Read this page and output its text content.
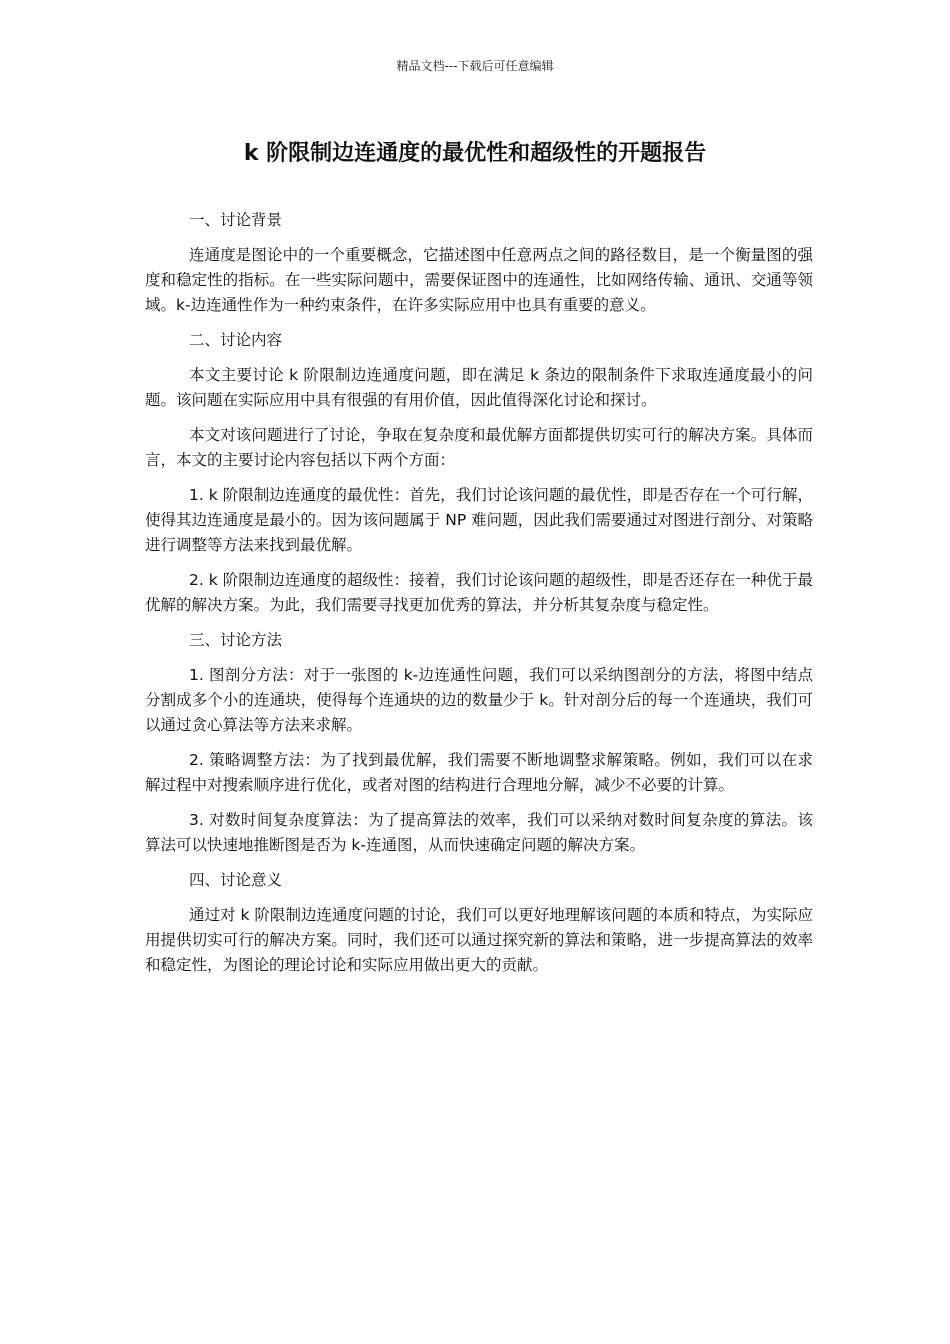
精品文档---下载后可任意编辑
k 阶限制边连通度的最优性和超级性的开题报告

一、讨论背景

连通度是图论中的一个重要概念，它描述图中任意两点之间的路径数目，是一个衡量图的强度和稳定性的指标。在一些实际问题中，需要保证图中的连通性，比如网络传输、通讯、交通等领域。k-边连通性作为一种约束条件，在许多实际应用中也具有重要的意义。

二、讨论内容

本文主要讨论 k 阶限制边连通度问题，即在满足 k 条边的限制条件下求取连通度最小的问题。该问题在实际应用中具有很强的有用价值，因此值得深化讨论和探讨。

本文对该问题进行了讨论，争取在复杂度和最优解方面都提供切实可行的解决方案。具体而言，本文的主要讨论内容包括以下两个方面：

1. k 阶限制边连通度的最优性：首先，我们讨论该问题的最优性，即是否存在一个可行解，使得其边连通度是最小的。因为该问题属于 NP 难问题，因此我们需要通过对图进行剖分、对策略进行调整等方法来找到最优解。

2. k 阶限制边连通度的超级性：接着，我们讨论该问题的超级性，即是否还存在一种优于最优解的解决方案。为此，我们需要寻找更加优秀的算法，并分析其复杂度与稳定性。

三、讨论方法

1. 图剖分方法：对于一张图的 k-边连通性问题，我们可以采纳图剖分的方法，将图中结点分割成多个小的连通块，使得每个连通块的边的数量少于 k。针对剖分后的每一个连通块，我们可以通过贪心算法等方法来求解。

2. 策略调整方法：为了找到最优解，我们需要不断地调整求解策略。例如，我们可以在求解过程中对搜索顺序进行优化，或者对图的结构进行合理地分解，减少不必要的计算。

3. 对数时间复杂度算法：为了提高算法的效率，我们可以采纳对数时间复杂度的算法。该算法可以快速地推断图是否为 k-连通图，从而快速确定问题的解决方案。

四、讨论意义

通过对 k 阶限制边连通度问题的讨论，我们可以更好地理解该问题的本质和特点，为实际应用提供切实可行的解决方案。同时，我们还可以通过探究新的算法和策略，进一步提高算法的效率和稳定性，为图论的理论讨论和实际应用做出更大的贡献。
